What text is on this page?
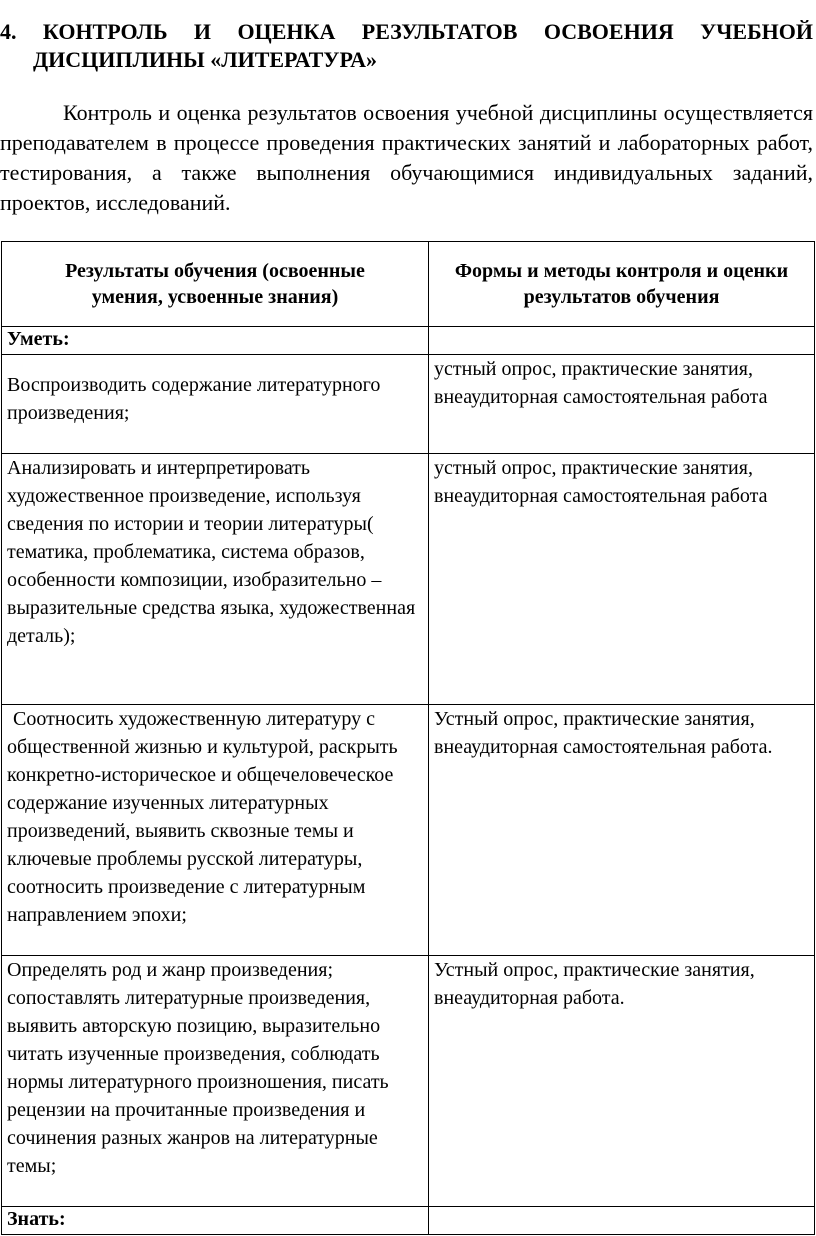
4. КОНТРОЛЬ И ОЦЕНКА РЕЗУЛЬТАТОВ ОСВОЕНИЯ УЧЕБНОЙ
ДИСЦИПЛИНЫ «ЛИТЕРАТУРА»

Контроль и оценка результатов освоения учебной дисциплины осуществляется преподавателем в процессе проведения практических занятий и лабораторных работ, тестирования, а также выполнения обучающимися индивидуальных заданий, проектов, исследований.

Результаты обучения (освоенные умения, усвоенные знания)	Формы и методы контроля и оценки результатов обучения
Уметь:	
Воспроизводить содержание литературного произведения;	устный опрос, практические занятия, внеаудиторная самостоятельная работа
Анализировать и интерпретировать художественное произведение, используя сведения по истории и теории литературы( тематика, проблематика, система образов, особенности композиции, изобразительно – выразительные средства языка, художественная деталь);	устный опрос, практические занятия, внеаудиторная самостоятельная работа
Соотносить художественную литературу с общественной жизнью и культурой, раскрыть конкретно-историческое и общечеловеческое содержание изученных литературных произведений, выявить сквозные темы и ключевые проблемы русской литературы, соотносить произведение с литературным направлением эпохи;	Устный опрос, практические занятия, внеаудиторная самостоятельная работа.
Определять род и жанр произведения; сопоставлять литературные произведения, выявить авторскую позицию, выразительно читать изученные произведения, соблюдать нормы литературного произношения, писать рецензии на прочитанные произведения и сочинения разных жанров на литературные темы;	Устный опрос, практические занятия, внеаудиторная работа.
Знать:	
